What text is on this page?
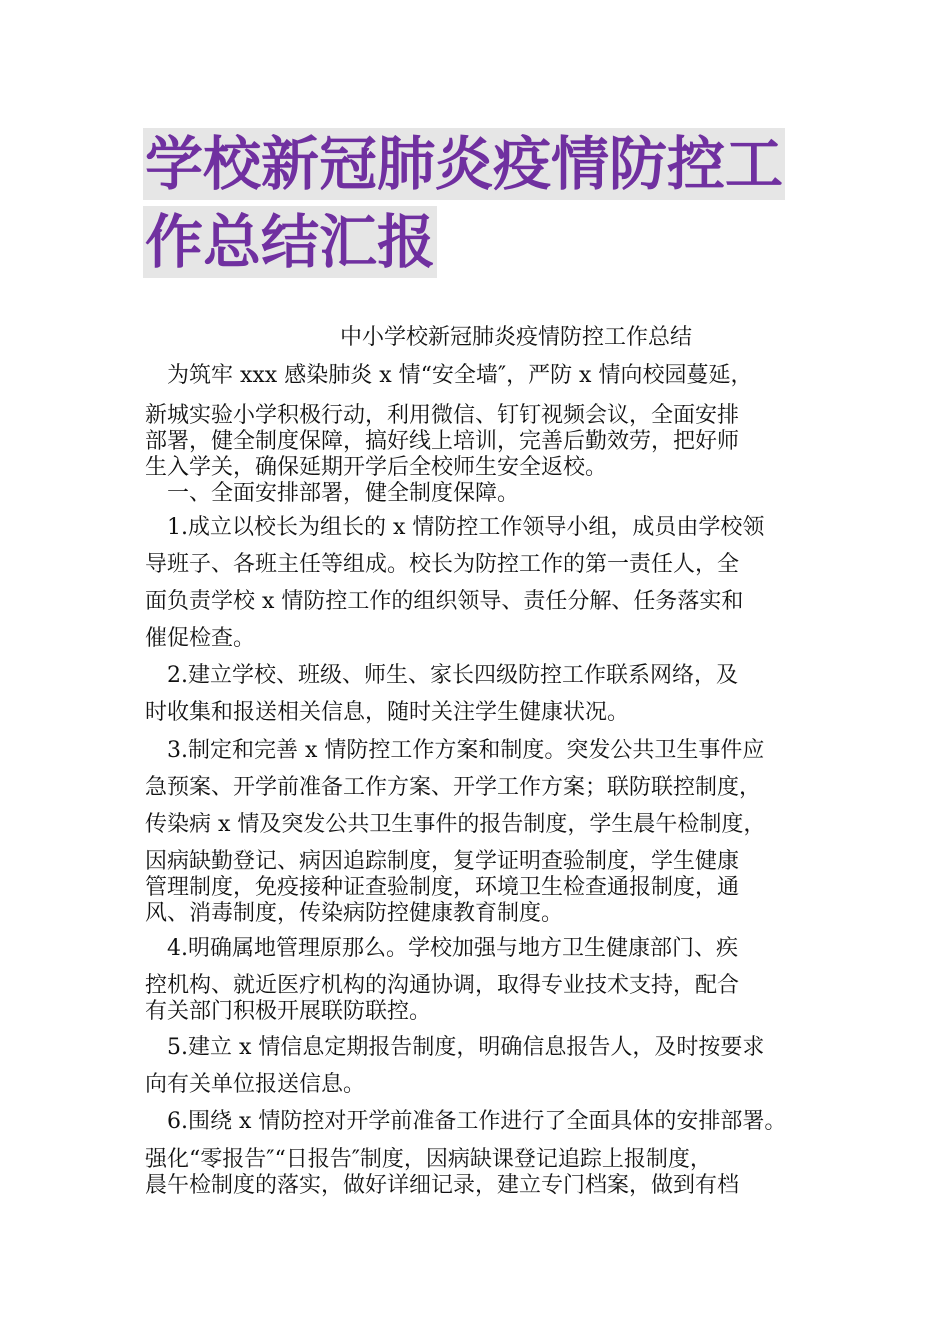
学校新冠肺炎疫情防控工
作总结汇报
中小学校新冠肺炎疫情防控工作总结
　为筑牢 xxx 感染肺炎 x 情“安全墙″，严防 x 情向校园蔓延，
新城实验小学积极行动，利用微信、钉钉视频会议，全面安排
部署，健全制度保障，搞好线上培训，完善后勤效劳，把好师
生入学关，确保延期开学后全校师生安全返校。
　一、全面安排部署，健全制度保障。
　1.成立以校长为组长的 x 情防控工作领导小组，成员由学校领
导班子、各班主任等组成。校长为防控工作的第一责任人，全
面负责学校 x 情防控工作的组织领导、责任分解、任务落实和
催促检查。
　2.建立学校、班级、师生、家长四级防控工作联系网络，及
时收集和报送相关信息，随时关注学生健康状况。
　3.制定和完善 x 情防控工作方案和制度。突发公共卫生事件应
急预案、开学前准备工作方案、开学工作方案；联防联控制度，
传染病 x 情及突发公共卫生事件的报告制度，学生晨午检制度，
因病缺勤登记、病因追踪制度，复学证明查验制度，学生健康
管理制度，免疫接种证查验制度，环境卫生检查通报制度，通
风、消毒制度，传染病防控健康教育制度。
　4.明确属地管理原那么。学校加强与地方卫生健康部门、疾
控机构、就近医疗机构的沟通协调，取得专业技术支持，配合
有关部门积极开展联防联控。
　5.建立 x 情信息定期报告制度，明确信息报告人，及时按要求
向有关单位报送信息。
　6.围绕 x 情防控对开学前准备工作进行了全面具体的安排部署。
强化“零报告″“日报告″制度，因病缺课登记追踪上报制度，
晨午检制度的落实，做好详细记录，建立专门档案，做到有档
